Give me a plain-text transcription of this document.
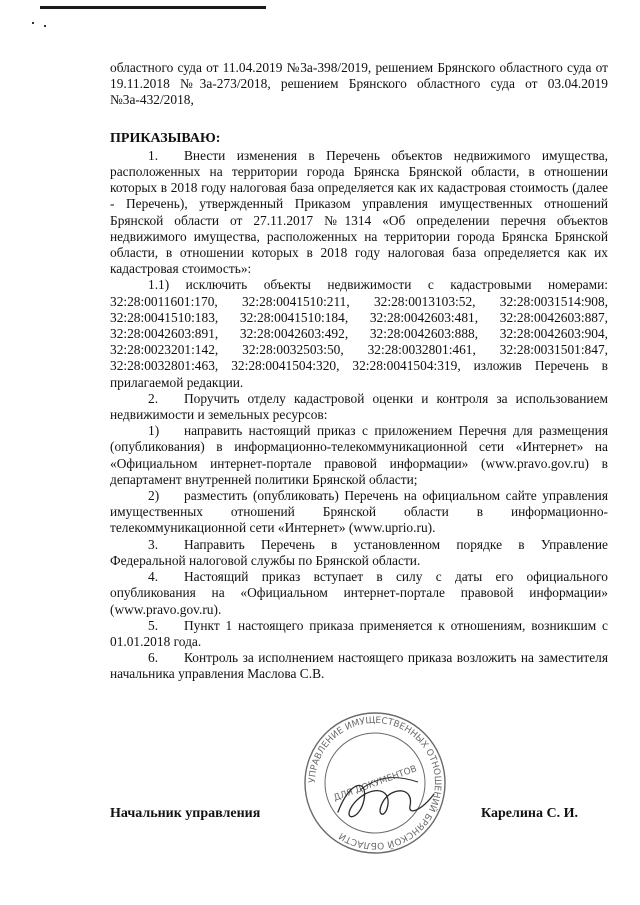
областного суда от 11.04.2019 №3а-398/2019, решением Брянского областного суда от 19.11.2018 №3а-273/2018, решением Брянского областного суда от 03.04.2019 №3а-432/2018,

ПРИКАЗЫВАЮ:

1. Внести изменения в Перечень объектов недвижимого имущества, расположенных на территории города Брянска Брянской области, в отношении которых в 2018 году налоговая база определяется как их кадастровая стоимость (далее - Перечень), утвержденный Приказом управления имущественных отношений Брянской области от 27.11.2017 №1314 «Об определении перечня объектов недвижимого имущества, расположенных на территории города Брянска Брянской области, в отношении которых в 2018 году налоговая база определяется как их кадастровая стоимость»:

1.1) исключить объекты недвижимости с кадастровыми номерами: 32:28:0011601:170, 32:28:0041510:211, 32:28:0013103:52, 32:28:0031514:908, 32:28:0041510:183, 32:28:0041510:184, 32:28:0042603:481, 32:28:0042603:887, 32:28:0042603:891, 32:28:0042603:492, 32:28:0042603:888, 32:28:0042603:904, 32:28:0023201:142, 32:28:0032503:50, 32:28:0032801:461, 32:28:0031501:847, 32:28:0032801:463, 32:28:0041504:320, 32:28:0041504:319, изложив Перечень в прилагаемой редакции.

2. Поручить отделу кадастровой оценки и контроля за использованием недвижимости и земельных ресурсов:

1) направить настоящий приказ с приложением Перечня для размещения (опубликования) в информационно-телекоммуникационной сети «Интернет» на «Официальном интернет-портале правовой информации» (www.pravo.gov.ru) в департамент внутренней политики Брянской области;

2) разместить (опубликовать) Перечень на официальном сайте управления имущественных отношений Брянской области в информационно-телекоммуникационной сети «Интернет» (www.uprio.ru).

3. Направить Перечень в установленном порядке в Управление Федеральной налоговой службы по Брянской области.

4. Настоящий приказ вступает в силу с даты его официального опубликования на «Официальном интернет-портале правовой информации» (www.pravo.gov.ru).

5. Пункт 1 настоящего приказа применяется к отношениям, возникшим с 01.01.2018 года.

6. Контроль за исполнением настоящего приказа возложить на заместителя начальника управления Маслова С.В.

УПРАВЛЕНИЕ ИМУЩЕСТВЕННЫХ ОТНОШЕНИЙ БРЯНСКОЙ ОБЛАСТИ
ДЛЯ ДОКУМЕНТОВ
Начальник управления	Карелина С. И.
